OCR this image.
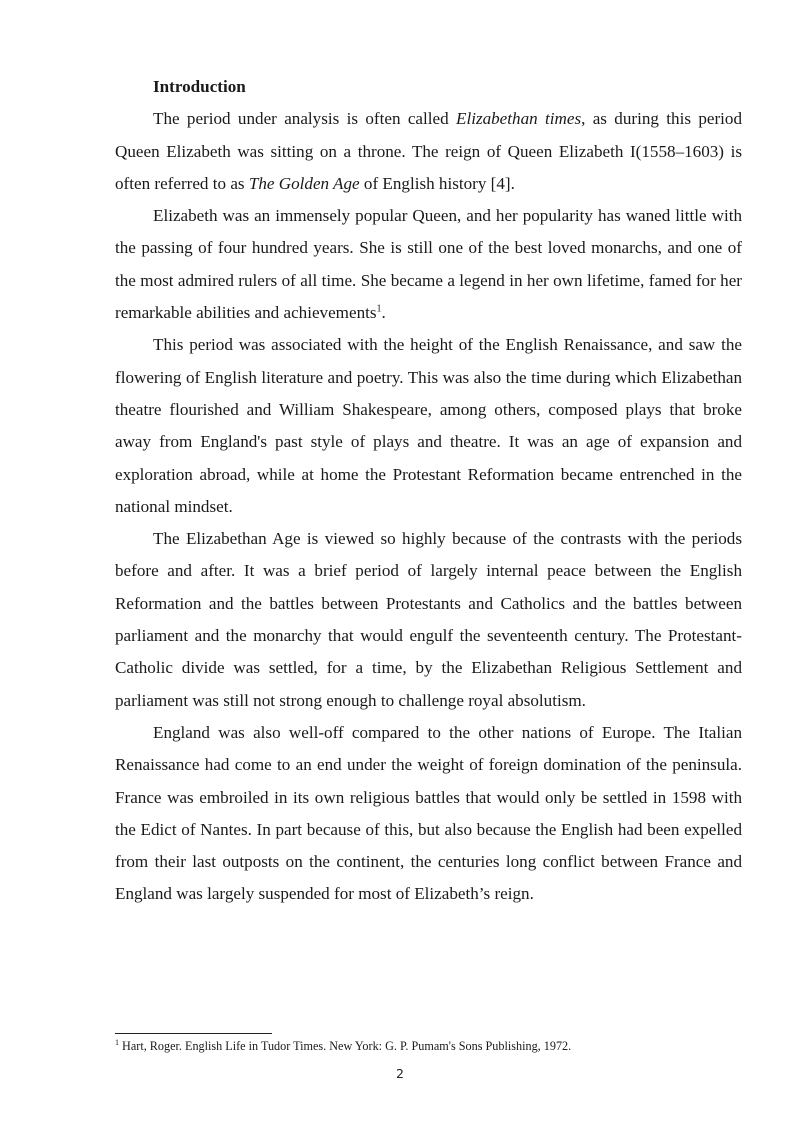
Introduction

The period under analysis is often called Elizabethan times, as during this period Queen Elizabeth was sitting on a throne. The reign of Queen Elizabeth I(1558–1603) is often referred to as The Golden Age of English history [4].

Elizabeth was an immensely popular Queen, and her popularity has waned little with the passing of four hundred years. She is still one of the best loved monarchs, and one of the most admired rulers of all time. She became a legend in her own lifetime, famed for her remarkable abilities and achievements$^1$.

This period was associated with the height of the English Renaissance, and saw the flowering of English literature and poetry. This was also the time during which Elizabethan theatre flourished and William Shakespeare, among others, composed plays that broke away from England's past style of plays and theatre. It was an age of expansion and exploration abroad, while at home the Protestant Reformation became entrenched in the national mindset.

The Elizabethan Age is viewed so highly because of the contrasts with the periods before and after. It was a brief period of largely internal peace between the English Reformation and the battles between Protestants and Catholics and the battles between parliament and the monarchy that would engulf the seventeenth century. The Protestant-Catholic divide was settled, for a time, by the Elizabethan Religious Settlement and parliament was still not strong enough to challenge royal absolutism.

England was also well-off compared to the other nations of Europe. The Italian Renaissance had come to an end under the weight of foreign domination of the peninsula. France was embroiled in its own religious battles that would only be settled in 1598 with the Edict of Nantes. In part because of this, but also because the English had been expelled from their last outposts on the continent, the centuries long conflict between France and England was largely suspended for most of Elizabeth’s reign.

$^1$ Hart, Roger. English Life in Tudor Times. New York: G. P. Pumam's Sons Publishing, 1972.
2
